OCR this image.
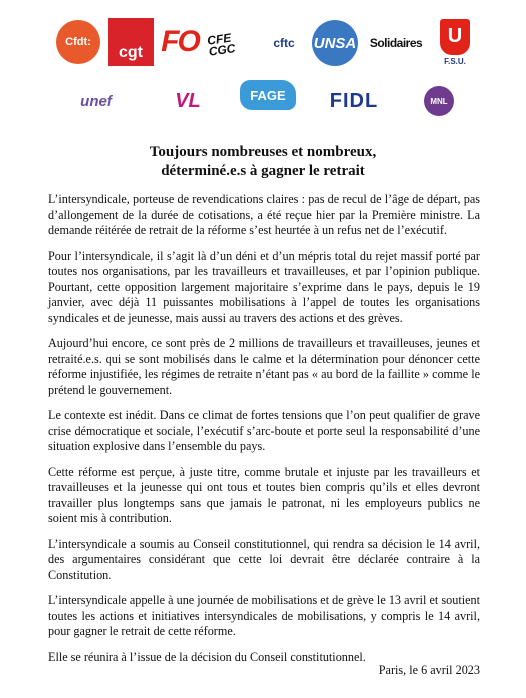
Cfdt:
cgt FO CFE CGC	cftc UNSA Solidaires	U
F.S.U.
unef	VL	FAGE FIDL	MNL
Toujours nombreuses et nombreux,
déterminé.e.s à gagner le retrait

L’intersyndicale, porteuse de revendications claires : pas de recul de l’âge de départ, pas d’allongement de la durée de cotisations, a été reçue hier par la Première ministre. La demande réitérée de retrait de la réforme s’est heurtée à un refus net de l’exécutif.

Pour l’intersyndicale, il s’agit là d’un déni et d’un mépris total du rejet massif porté par toutes nos organisations, par les travailleurs et travailleuses, et par l’opinion publique. Pourtant, cette opposition largement majoritaire s’exprime dans le pays, depuis le 19 janvier, avec déjà 11 puissantes mobilisations à l’appel de toutes les organisations syndicales et de jeunesse, mais aussi au travers des actions et des grèves.

Aujourd’hui encore, ce sont près de 2 millions de travailleurs et travailleuses, jeunes et retraité.e.s. qui se sont mobilisés dans le calme et la détermination pour dénoncer cette réforme injustifiée, les régimes de retraite n’étant pas « au bord de la faillite » comme le prétend le gouvernement.

Le contexte est inédit. Dans ce climat de fortes tensions que l’on peut qualifier de grave crise démocratique et sociale, l’exécutif s’arc-boute et porte seul la responsabilité d’une situation explosive dans l’ensemble du pays.

Cette réforme est perçue, à juste titre, comme brutale et injuste par les travailleurs et travailleuses et la jeunesse qui ont tous et toutes bien compris qu’ils et elles devront travailler plus longtemps sans que jamais le patronat, ni les employeurs publics ne soient mis à contribution.

L’intersyndicale a soumis au Conseil constitutionnel, qui rendra sa décision le 14 avril, des argumentaires considérant que cette loi devrait être déclarée contraire à la Constitution.

L’intersyndicale appelle à une journée de mobilisations et de grève le 13 avril et soutient toutes les actions et initiatives intersyndicales de mobilisations, y compris le 14 avril, pour gagner le retrait de cette réforme.

Elle se réunira à l’issue de la décision du Conseil constitutionnel.

Paris, le 6 avril 2023
